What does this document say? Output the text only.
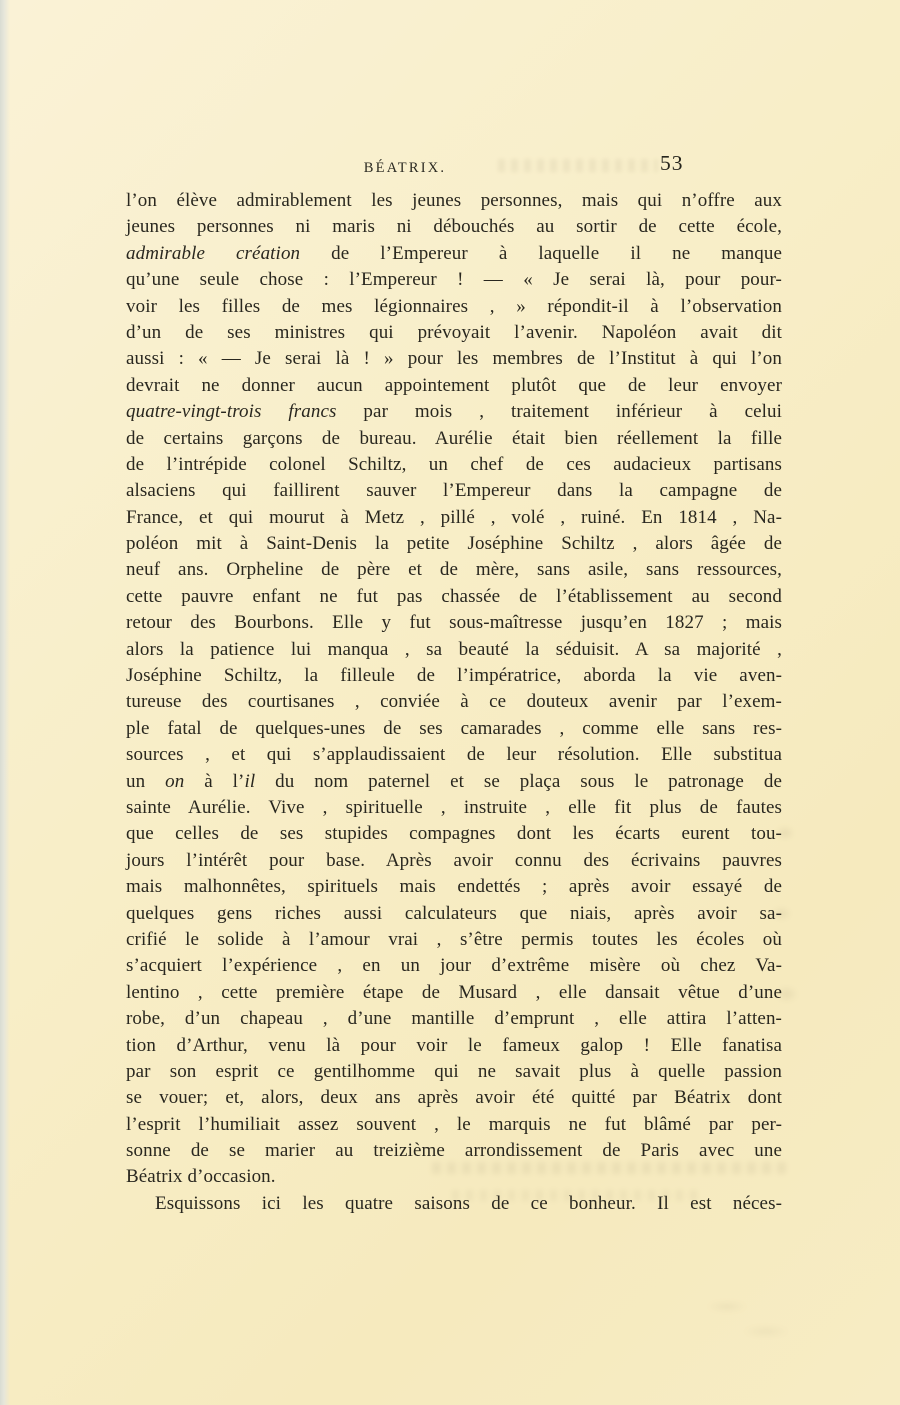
BÉATRIX.	53
l’on élève admirablement les jeunes personnes, mais qui n’offre aux
jeunes personnes ni maris ni débouchés au sortir de cette école,
admirable création de l’Empereur à laquelle il ne manque
qu’une seule chose : l’Empereur ! — « Je serai là, pour pour-
voir les filles de mes légionnaires , » répondit-il à l’observation
d’un de ses ministres qui prévoyait l’avenir. Napoléon avait dit
aussi : « — Je serai là ! » pour les membres de l’Institut à qui l’on
devrait ne donner aucun appointement plutôt que de leur envoyer
quatre-vingt-trois francs par mois , traitement inférieur à celui
de certains garçons de bureau. Aurélie était bien réellement la fille
de l’intrépide colonel Schiltz, un chef de ces audacieux partisans
alsaciens qui faillirent sauver l’Empereur dans la campagne de
France, et qui mourut à Metz , pillé , volé , ruiné. En 1814 , Na-
poléon mit à Saint-Denis la petite Joséphine Schiltz , alors âgée de
neuf ans. Orpheline de père et de mère, sans asile, sans ressources,
cette pauvre enfant ne fut pas chassée de l’établissement au second
retour des Bourbons. Elle y fut sous-maîtresse jusqu’en 1827 ; mais
alors la patience lui manqua , sa beauté la séduisit. A sa majorité ,
Joséphine Schiltz, la filleule de l’impératrice, aborda la vie aven-
tureuse des courtisanes , conviée à ce douteux avenir par l’exem-
ple fatal de quelques-unes de ses camarades , comme elle sans res-
sources , et qui s’applaudissaient de leur résolution. Elle substitua
un on à l’il du nom paternel et se plaça sous le patronage de
sainte Aurélie. Vive , spirituelle , instruite , elle fit plus de fautes
que celles de ses stupides compagnes dont les écarts eurent tou-
jours l’intérêt pour base. Après avoir connu des écrivains pauvres
mais malhonnêtes, spirituels mais endettés ; après avoir essayé de
quelques gens riches aussi calculateurs que niais, après avoir sa-
crifié le solide à l’amour vrai , s’être permis toutes les écoles où
s’acquiert l’expérience , en un jour d’extrême misère où chez Va-
lentino , cette première étape de Musard , elle dansait vêtue d’une
robe, d’un chapeau , d’une mantille d’emprunt , elle attira l’atten-
tion d’Arthur, venu là pour voir le fameux galop ! Elle fanatisa
par son esprit ce gentilhomme qui ne savait plus à quelle passion
se vouer; et, alors, deux ans après avoir été quitté par Béatrix dont
l’esprit l’humiliait assez souvent , le marquis ne fut blâmé par per-
sonne de se marier au treizième arrondissement de Paris avec une
Béatrix d’occasion.
Esquissons ici les quatre saisons de ce bonheur. Il est néces-
